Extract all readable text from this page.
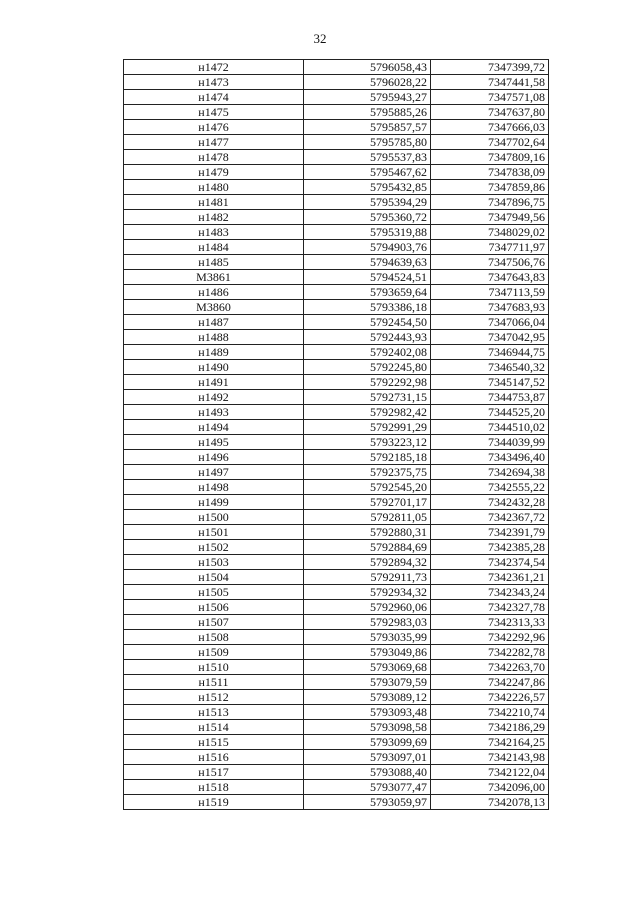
32
н1472	5796058,43	7347399,72
н1473	5796028,22	7347441,58
н1474	5795943,27	7347571,08
н1475	5795885,26	7347637,80
н1476	5795857,57	7347666,03
н1477	5795785,80	7347702,64
н1478	5795537,83	7347809,16
н1479	5795467,62	7347838,09
н1480	5795432,85	7347859,86
н1481	5795394,29	7347896,75
н1482	5795360,72	7347949,56
н1483	5795319,88	7348029,02
н1484	5794903,76	7347711,97
н1485	5794639,63	7347506,76
М3861	5794524,51	7347643,83
н1486	5793659,64	7347113,59
М3860	5793386,18	7347683,93
н1487	5792454,50	7347066,04
н1488	5792443,93	7347042,95
н1489	5792402,08	7346944,75
н1490	5792245,80	7346540,32
н1491	5792292,98	7345147,52
н1492	5792731,15	7344753,87
н1493	5792982,42	7344525,20
н1494	5792991,29	7344510,02
н1495	5793223,12	7344039,99
н1496	5792185,18	7343496,40
н1497	5792375,75	7342694,38
н1498	5792545,20	7342555,22
н1499	5792701,17	7342432,28
н1500	5792811,05	7342367,72
н1501	5792880,31	7342391,79
н1502	5792884,69	7342385,28
н1503	5792894,32	7342374,54
н1504	5792911,73	7342361,21
н1505	5792934,32	7342343,24
н1506	5792960,06	7342327,78
н1507	5792983,03	7342313,33
н1508	5793035,99	7342292,96
н1509	5793049,86	7342282,78
н1510	5793069,68	7342263,70
н1511	5793079,59	7342247,86
н1512	5793089,12	7342226,57
н1513	5793093,48	7342210,74
н1514	5793098,58	7342186,29
н1515	5793099,69	7342164,25
н1516	5793097,01	7342143,98
н1517	5793088,40	7342122,04
н1518	5793077,47	7342096,00
н1519	5793059,97	7342078,13
